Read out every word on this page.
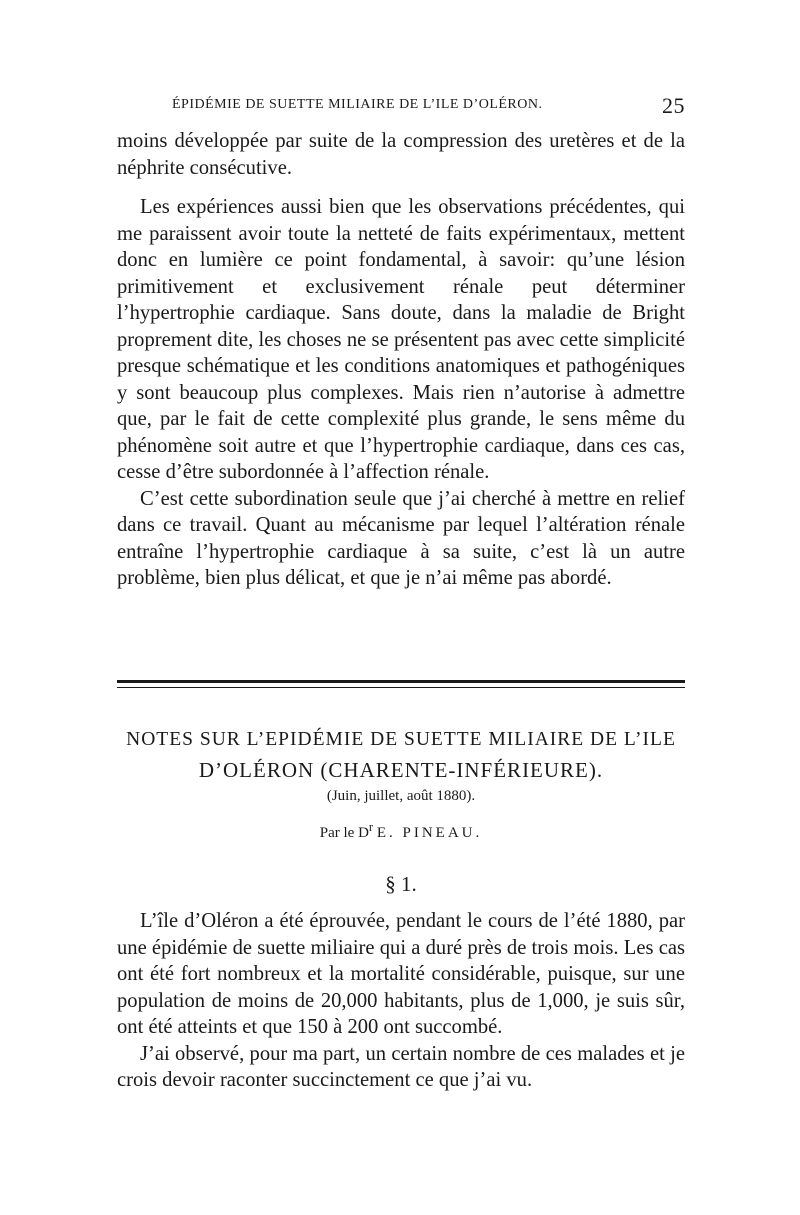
ÉPIDÉMIE DE SUETTE MILIAIRE DE L’ILE D’OLÉRON.	25

moins développée par suite de la compression des uretères et de la néphrite consécutive.

Les expériences aussi bien que les observations précédentes, qui me paraissent avoir toute la netteté de faits expérimentaux, mettent donc en lumière ce point fondamental, à savoir: qu’une lésion primitivement et exclusivement rénale peut déterminer l’hypertrophie cardiaque. Sans doute, dans la maladie de Bright proprement dite, les choses ne se présentent pas avec cette simplicité presque schématique et les conditions anatomiques et pathogéniques y sont beaucoup plus complexes. Mais rien n’autorise à admettre que, par le fait de cette complexité plus grande, le sens même du phénomène soit autre et que l’hypertrophie cardiaque, dans ces cas, cesse d’être subordonnée à l’affection rénale.

C’est cette subordination seule que j’ai cherché à mettre en relief dans ce travail. Quant au mécanisme par lequel l’altération rénale entraîne l’hypertrophie cardiaque à sa suite, c’est là un autre problème, bien plus délicat, et que je n’ai même pas abordé.

NOTES SUR L’EPIDÉMIE DE SUETTE MILIAIRE DE L’ILE
D’OLÉRON (CHARENTE-INFÉRIEURE).
(Juin, juillet, août 1880).
Par le $D^r$ E. PINEAU.
§ 1.

L’île d’Oléron a été éprouvée, pendant le cours de l’été 1880, par une épidémie de suette miliaire qui a duré près de trois mois. Les cas ont été fort nombreux et la mortalité considérable, puisque, sur une population de moins de 20,000 habitants, plus de 1,000, je suis sûr, ont été atteints et que 150 à 200 ont succombé.

J’ai observé, pour ma part, un certain nombre de ces malades et je crois devoir raconter succinctement ce que j’ai vu.
